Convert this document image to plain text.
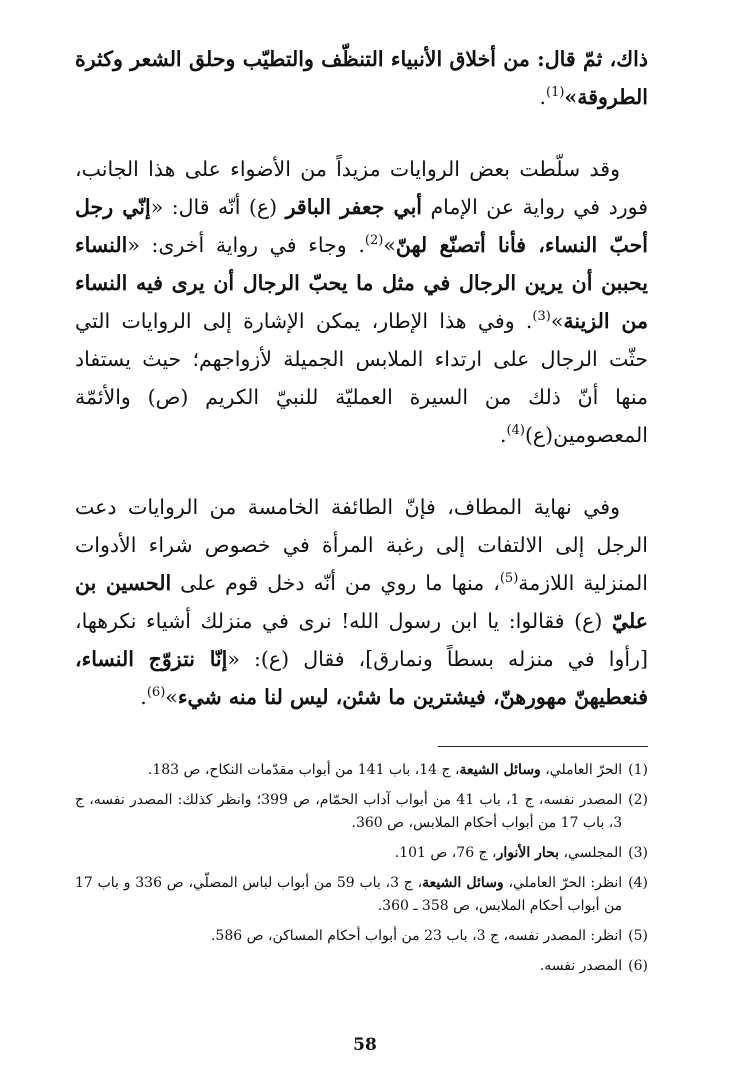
ذاك، ثمّ قال: من أخلاق الأنبياء التنظّف والتطيّب وحلق الشعر وكثرة الطروقة»$^{(1)}$.

وقد سلّطت بعض الروايات مزيداً من الأضواء على هذا الجانب، فورد في رواية عن الإمام أبي جعفر الباقر (ع) أنّه قال: «إنّي رجل أحبّ النساء، فأنا أتصنّع لهنّ»$^{(2)}$. وجاء في رواية أخرى: «النساء يحببن أن يرين الرجال في مثل ما يحبّ الرجال أن يرى فيه النساء من الزينة»$^{(3)}$. وفي هذا الإطار، يمكن الإشارة إلى الروايات التي حثّت الرجال على ارتداء الملابس الجميلة لأزواجهم؛ حيث يستفاد منها أنّ ذلك من السيرة العمليّة للنبيّ الكريم (ص) والأئمّة المعصومين(ع)$^{(4)}$.

وفي نهاية المطاف، فإنّ الطائفة الخامسة من الروايات دعت الرجل إلى الالتفات إلى رغبة المرأة في خصوص شراء الأدوات المنزلية اللازمة$^{(5)}$، منها ما روي من أنّه دخل قوم على الحسين بن عليّ (ع) فقالوا: يا ابن رسول الله! نرى في منزلك أشياء نكرهها، [رأوا في منزله بسطاً ونمارق]، فقال (ع): «إنّا نتزوّج النساء، فنعطيهنّ مهورهنّ، فيشترين ما شئن، ليس لنا منه شيء»$^{(6)}$.

(1)
الحرّ العاملي، وسائل الشيعة، ج 14، باب 141 من أبواب مقدّمات النكاح، ص 183.
(2)
المصدر نفسه، ج 1، باب 41 من أبواب آداب الحمّام، ص 399؛ وانظر كذلك: المصدر نفسه، ج 3، باب 17 من أبواب أحكام الملابس، ص 360.
(3)
المجلسي، بحار الأنوار، ج 76، ص 101.
(4)
انظر: الحرّ العاملي، وسائل الشيعة، ج 3، باب 59 من أبواب لباس المصلّي، ص 336 و باب 17 من أبواب أحكام الملابس، ص 358 ـ 360.
(5)
انظر: المصدر نفسه، ج 3، باب 23 من أبواب أحكام المساكن، ص 586.
(6)
المصدر نفسه.
58
